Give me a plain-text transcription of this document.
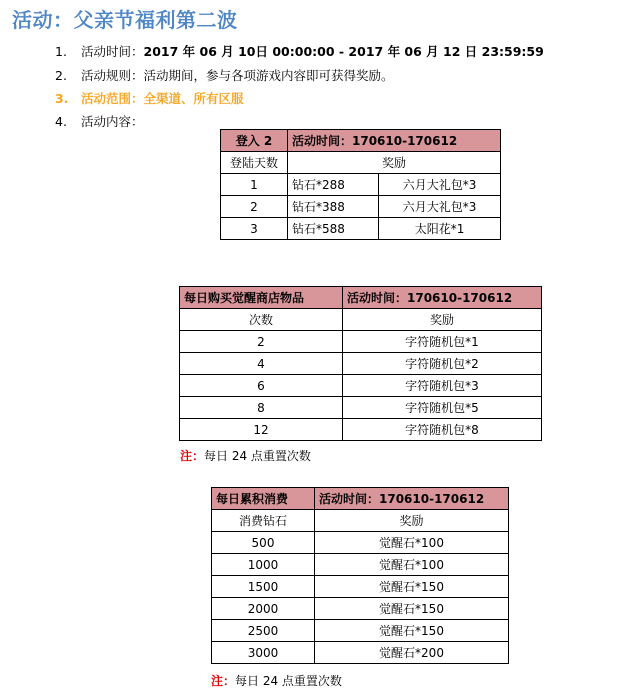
活动：父亲节福利第二波
1. 活动时间：2017 年 06 月 10日 00:00:00 - 2017 年 06 月 12 日 23:59:59
2. 活动规则：活动期间，参与各项游戏内容即可获得奖励。
3. 活动范围：全渠道、所有区服
4. 活动内容：
登入 2	活动时间：170610-170612	
登陆天数	奖励	
1	钻石*288	六月大礼包*3
2	钻石*388	六月大礼包*3
3	钻石*588	太阳花*1
每日购买觉醒商店物品	活动时间：170610-170612
次数	奖励
2	字符随机包*1
4	字符随机包*2
6	字符随机包*3
8	字符随机包*5
12	字符随机包*8
注：每日 24 点重置次数
每日累积消费	活动时间：170610-170612
消费钻石	奖励
500	觉醒石*100
1000	觉醒石*100
1500	觉醒石*150
2000	觉醒石*150
2500	觉醒石*150
3000	觉醒石*200
注：每日 24 点重置次数
